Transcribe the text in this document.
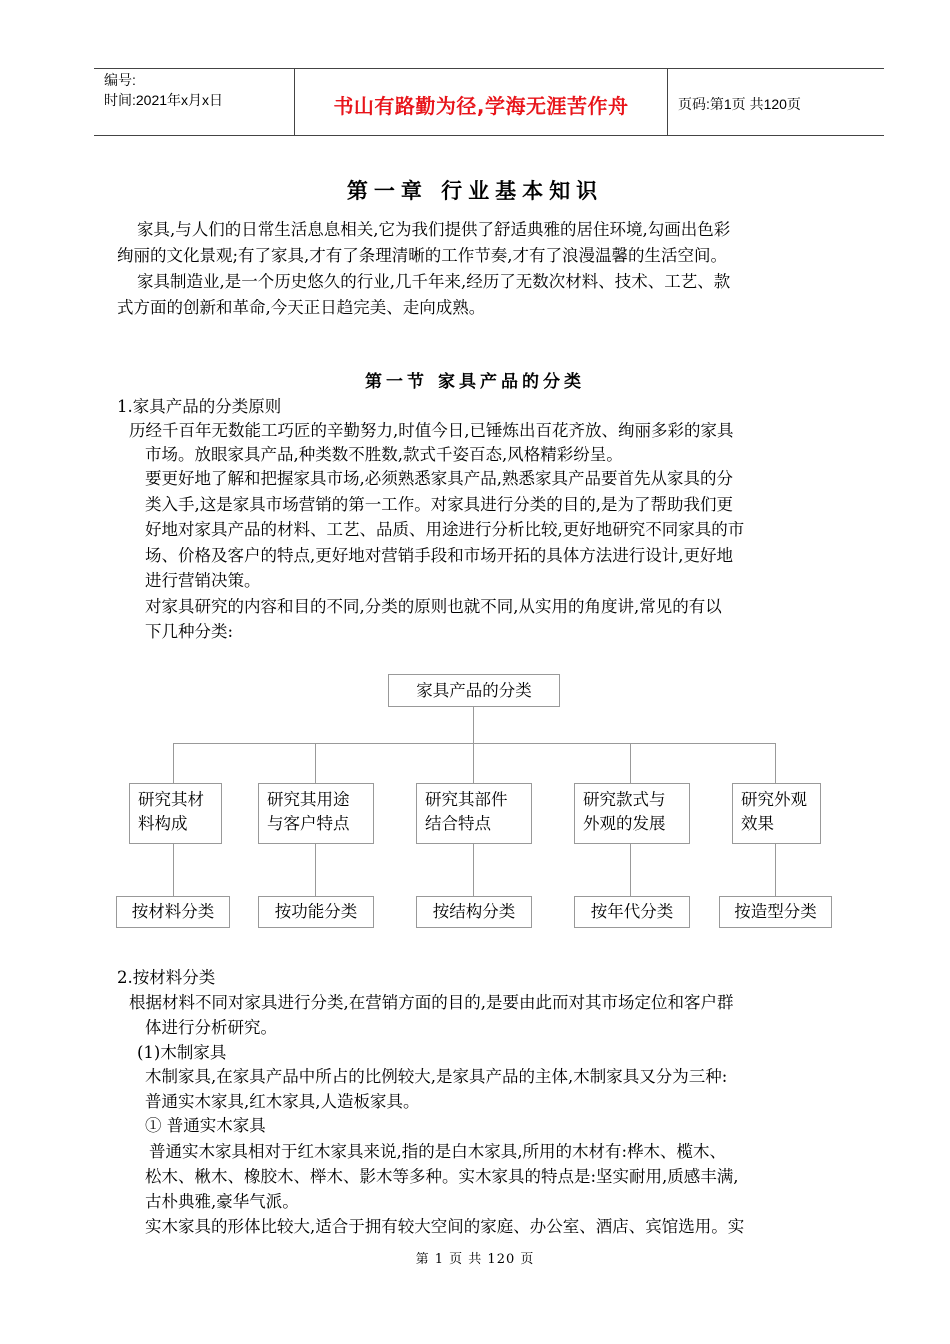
编号:
时间:2021年x月x日	书山有路勤为径,学海无涯苦作舟	页码:第1页 共120页
第一章 行业基本知识
家具,与人们的日常生活息息相关,它为我们提供了舒适典雅的居住环境,勾画出色彩
绚丽的文化景观;有了家具,才有了条理清晰的工作节奏,才有了浪漫温馨的生活空间。
家具制造业,是一个历史悠久的行业,几千年来,经历了无数次材料、技术、工艺、款
式方面的创新和革命,今天正日趋完美、走向成熟。
第一节 家具产品的分类
1.家具产品的分类原则
历经千百年无数能工巧匠的辛勤努力,时值今日,已锤炼出百花齐放、绚丽多彩的家具
市场。放眼家具产品,种类数不胜数,款式千姿百态,风格精彩纷呈。
要更好地了解和把握家具市场,必须熟悉家具产品,熟悉家具产品要首先从家具的分
类入手,这是家具市场营销的第一工作。对家具进行分类的目的,是为了帮助我们更
好地对家具产品的材料、工艺、品质、用途进行分析比较,更好地研究不同家具的市
场、价格及客户的特点,更好地对营销手段和市场开拓的具体方法进行设计,更好地
进行营销决策。
对家具研究的内容和目的不同,分类的原则也就不同,从实用的角度讲,常见的有以
下几种分类:
家具产品的分类
研究其材
料构成
研究其用途
与客户特点
研究其部件
结合特点
研究款式与
外观的发展
研究外观
效果
按材料分类	按功能分类	按结构分类	按年代分类	按造型分类
2.按材料分类
根据材料不同对家具进行分类,在营销方面的目的,是要由此而对其市场定位和客户群
体进行分析研究。
(1)木制家具
木制家具,在家具产品中所占的比例较大,是家具产品的主体,木制家具又分为三种:
普通实木家具,红木家具,人造板家具。
① 普通实木家具
普通实木家具相对于红木家具来说,指的是白木家具,所用的木材有:桦木、榄木、
松木、楸木、橡胶木、榉木、影木等多种。实木家具的特点是:坚实耐用,质感丰满,
古朴典雅,豪华气派。
实木家具的形体比较大,适合于拥有较大空间的家庭、办公室、酒店、宾馆选用。实
第 1 页 共 120 页
